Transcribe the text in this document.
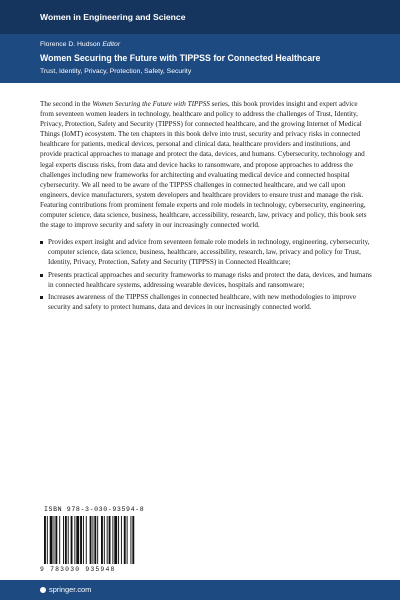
Women in Engineering and Science
Florence D. Hudson Editor
Women Securing the Future with TIPPSS for Connected Healthcare
Trust, Identity, Privacy, Protection, Safety, Security

The second in the Women Securing the Future with TIPPSS series, this book provides insight and expert advice from seventeen women leaders in technology, healthcare and policy to address the challenges of Trust, Identity, Privacy, Protection, Safety and Security (TIPPSS) for connected healthcare, and the growing Internet of Medical Things (IoMT) ecosystem. The ten chapters in this book delve into trust, security and privacy risks in connected healthcare for patients, medical devices, personal and clinical data, healthcare providers and institutions, and provide practical approaches to manage and protect the data, devices, and humans. Cybersecurity, technology and legal experts discuss risks, from data and device hacks to ransomware, and propose approaches to address the challenges including new frameworks for architecting and evaluating medical device and connected hospital cybersecurity. We all need to be aware of the TIPPSS challenges in connected healthcare, and we call upon engineers, device manufacturers, system developers and healthcare providers to ensure trust and manage the risk. Featuring contributions from prominent female experts and role models in technology, cybersecurity, engineering, computer science, data science, business, healthcare, accessibility, research, law, privacy and policy, this book sets the stage to improve security and safety in our increasingly connected world.

Provides expert insight and advice from seventeen female role models in technology, engineering, cybersecurity, computer science, data science, business, healthcare, accessibility, research, law, privacy and policy for Trust, Identity, Privacy, Protection, Safety and Security (TIPPSS) in Connected Healthcare;
Presents practical approaches and security frameworks to manage risks and protect the data, devices, and humans in connected healthcare systems, addressing wearable devices, hospitals and ransomware;
Increases awareness of the TIPPSS challenges in connected healthcare, with new methodologies to improve security and safety to protect humans, data and devices in our increasingly connected world.
ISBN 978-3-030-93594-8
9 783030 935948
springer.com
